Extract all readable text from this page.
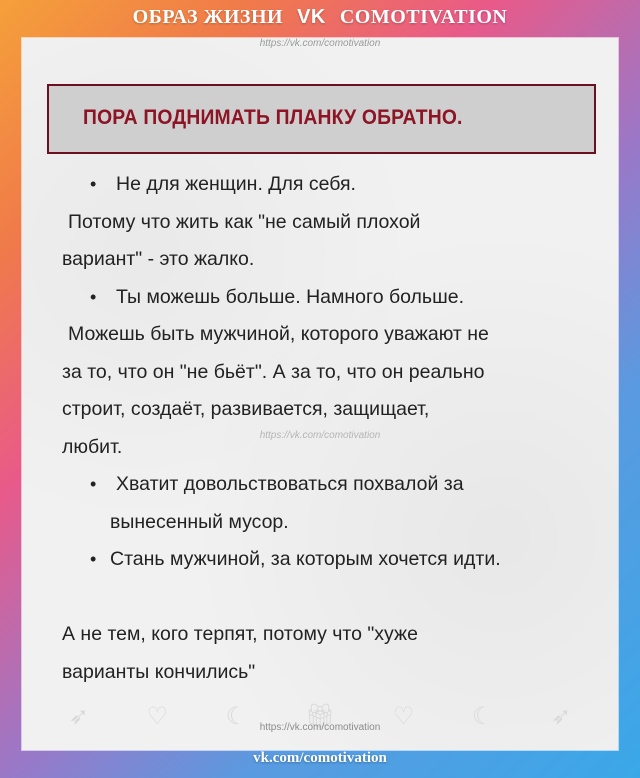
ОБРАЗ ЖИЗНИ VK COMOTIVATION
https://vk.com/comotivation
ПОРА ПОДНИМАТЬ ПЛАНКУ ОБРАТНО.
• Не для женщин. Для себя.
Потому что жить как "не самый плохой
вариант" - это жалко.
• Ты можешь больше. Намного больше.
Можешь быть мужчиной, которого уважают не
за то, что он "не бьёт". А за то, что он реально
строит, создаёт, развивается, защищает,
любит.
• Хватит довольствоваться похвалой за
вынесенный мусор.
• Стань мужчиной, за которым хочется идти.
А не тем, кого терпят, потому что "хуже
варианты кончились"
https://vk.com/comotivation
➶ ♡ ☾ 🎁︎ ♡ ☾ ➶
https://vk.com/comotivation
vk.com/comotivation
